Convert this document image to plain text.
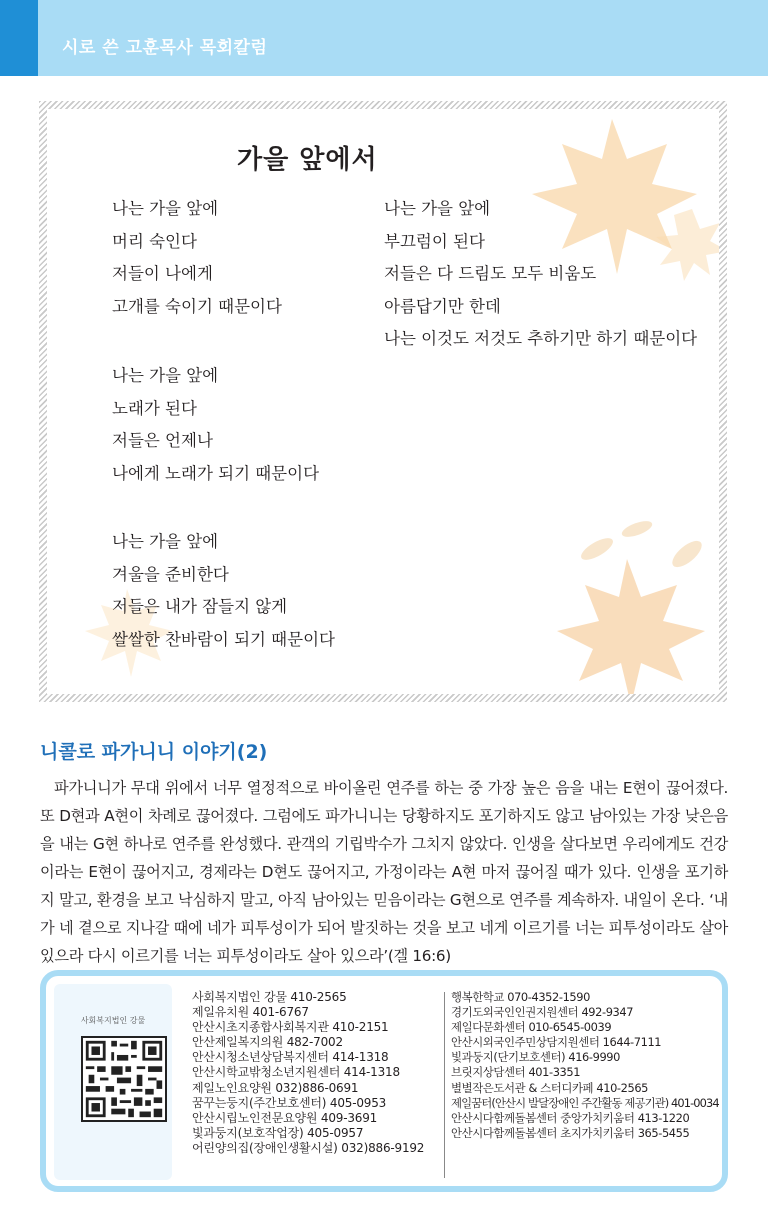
시로 쓴 고훈목사 목회칼럼
가을 앞에서
나는 가을 앞에
머리 숙인다
저들이 나에게
고개를 숙이기 때문이다
나는 가을 앞에
노래가 된다
저들은 언제나
나에게 노래가 되기 때문이다
나는 가을 앞에
겨울을 준비한다
저들은 내가 잠들지 않게
쌀쌀한 찬바람이 되기 때문이다
나는 가을 앞에
부끄럼이 된다
저들은 다 드림도 모두 비움도
아름답기만 한데
나는 이것도 저것도 추하기만 하기 때문이다
니콜로 파가니니 이야기(2)

파가니니가 무대 위에서 너무 열정적으로 바이올린 연주를 하는 중 가장 높은 음을 내는 E현이 끊어졌다. 또 D현과 A현이 차례로 끊어졌다. 그럼에도 파가니니는 당황하지도 포기하지도 않고 남아있는 가장 낮은음을 내는 G현 하나로 연주를 완성했다. 관객의 기립박수가 그치지 않았다. 인생을 살다보면 우리에게도 건강이라는 E현이 끊어지고, 경제라는 D현도 끊어지고, 가정이라는 A현 마저 끊어질 때가 있다. 인생을 포기하지 말고, 환경을 보고 낙심하지 말고, 아직 남아있는 믿음이라는 G현으로 연주를 계속하자. 내일이 온다. ‘내가 네 곁으로 지나갈 때에 네가 피투성이가 되어 발짓하는 것을 보고 네게 이르기를 너는 피투성이라도 살아 있으라 다시 이르기를 너는 피투성이라도 살아 있으라’(겔 16:6)

사회복지법인 강물
사회복지법인 강물 410-2565
제일유치원 401-6767
안산시초지종합사회복지관 410-2151
안산제일복지의원 482-7002
안산시청소년상담복지센터 414-1318
안산시학교밖청소년지원센터 414-1318
제일노인요양원 032)886-0691
꿈꾸는둥지(주간보호센터) 405-0953
안산시립노인전문요양원 409-3691
빛과둥지(보호작업장) 405-0957
어린양의집(장애인생활시설) 032)886-9192
행복한학교 070-4352-1590
경기도외국인인권지원센터 492-9347
제일다문화센터 010-6545-0039
안산시외국인주민상담지원센터 1644-7111
빛과둥지(단기보호센터) 416-9990
브릿지상담센터 401-3351
별별작은도서관 & 스터디카페 410-2565
제일꿈터(안산시 발달장애인 주간활동 제공기관) 401-0034
안산시다함께돌봄센터 중앙가치키움터 413-1220
안산시다함께돌봄센터 초지가치키움터 365-5455
